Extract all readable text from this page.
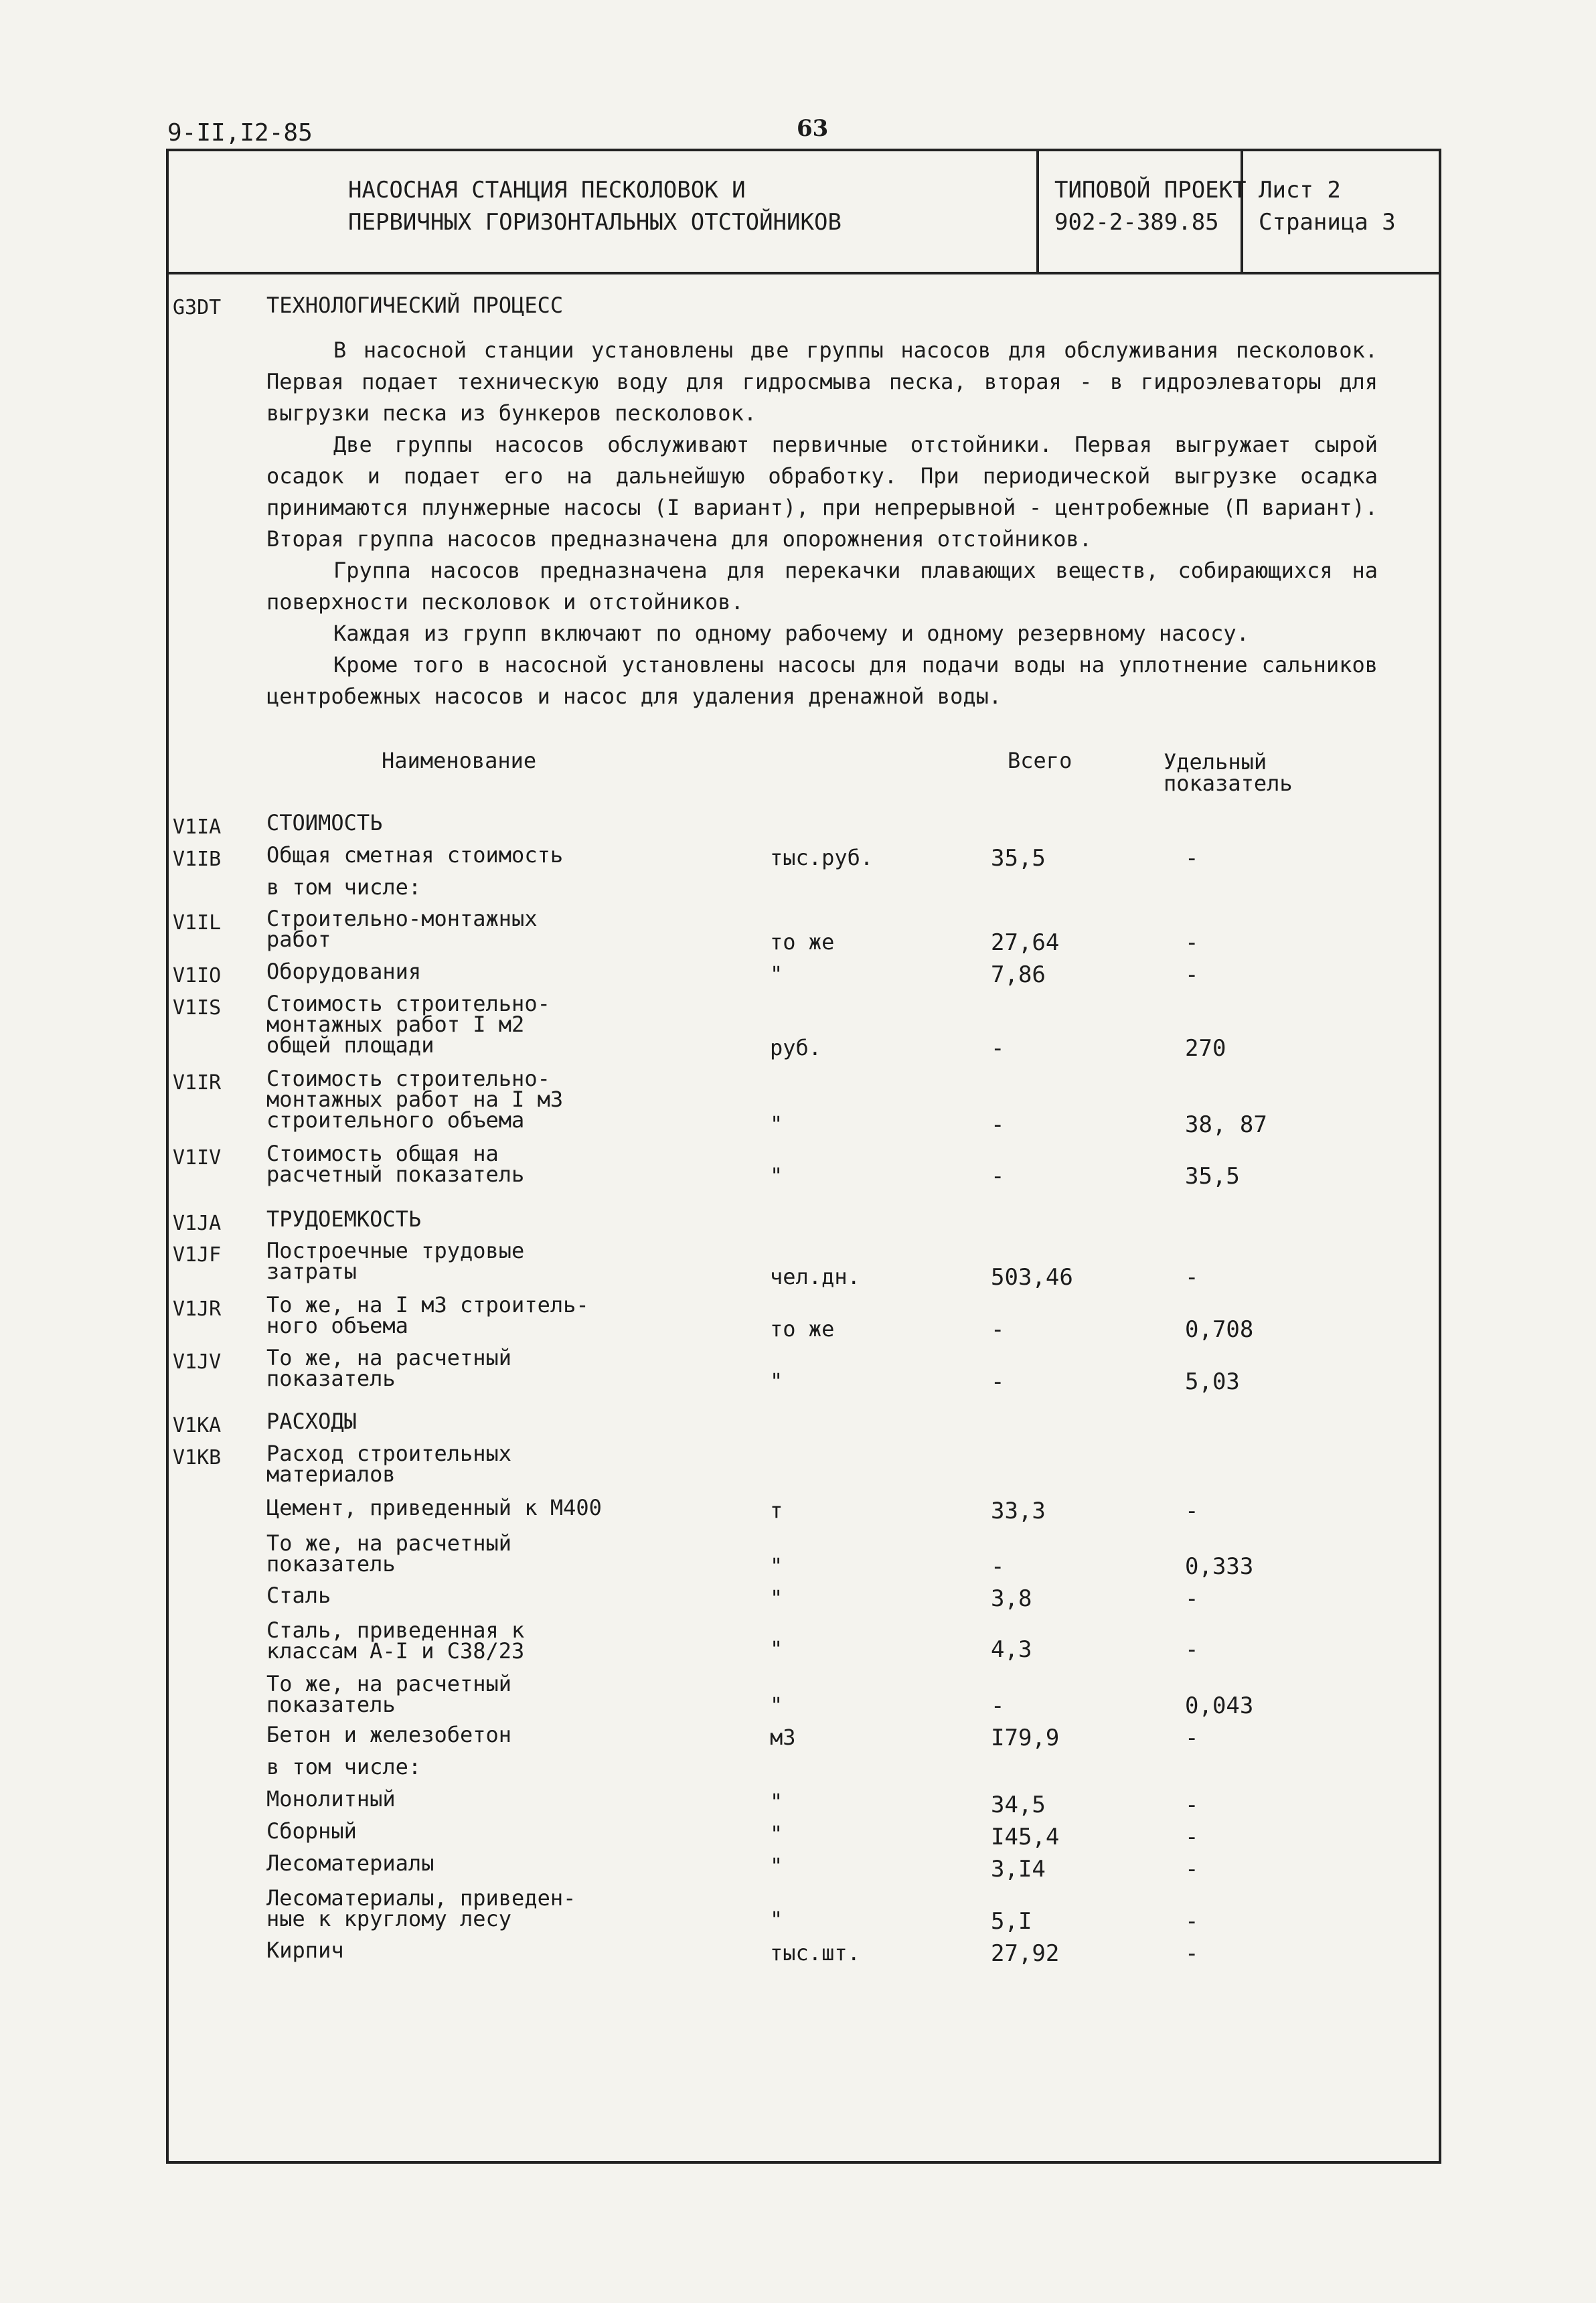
9-II,I2-85	63
НАСОСНАЯ СТАНЦИЯ ПЕСКОЛОВОК И
ПЕРВИЧНЫХ ГОРИЗОНТАЛЬНЫХ ОТСТОЙНИКОВ
ТИПОВОЙ ПРОЕКТ
902-2-389.85
Лист 2
Страница 3
G3DT ТЕХНОЛОГИЧЕСКИЙ ПРОЦЕСС

В насосной станции установлены две группы насосов для обслуживания песколовок. Первая подает техническую воду для гидросмыва песка, вторая - в гидроэлеваторы для выгрузки песка из бункеров песколовок.

Две группы насосов обслуживают первичные отстойники. Первая выгружает сырой осадок и подает его на дальнейшую обработку. При периодической выгрузке осадка принимаются плунжерные насосы (I вариант), при непрерывной - центробежные (П вариант). Вторая группа насосов предназначена для опорожнения отстойников.

Группа насосов предназначена для перекачки плавающих веществ, собирающихся на поверхности песколовок и отстойников.

Каждая из групп включают по одному рабочему и одному резервному насосу.

Кроме того в насосной установлены насосы для подачи воды на уплотнение сальников центробежных насосов и насос для удаления дренажной воды.

Наименование	Всего	Удельный
показатель
V1IA СТОИМОСТЬ
V1IB Общая сметная стоимость	тыс.руб.	35,5	-
в том числе:
V1IL Строительно-монтажных
работ	то же	27,64	-
V1IO Оборудования	"	7,86	-
V1IS Стоимость строительно-
монтажных работ I м2
общей площади	руб.	-	270
V1IR Стоимость строительно-
монтажных работ на I м3
строительного объема	"	-	38, 87
V1IV Стоимость общая на
расчетный показатель	"	-	35,5
V1JA ТРУДОЕМКОСТЬ
V1JF Построечные трудовые
затраты	чел.дн.	503,46	-
V1JR То же, на I м3 строитель-
ного объема	то же	-	0,708
V1JV То же, на расчетный
показатель	"	-	5,03
V1KA РАСХОДЫ
V1KB Расход строительных
материалов
Цемент, приведенный к М400	т	33,3	-
То же, на расчетный
показатель	"	-	0,333
Сталь	"	3,8	-
Сталь, приведенная к
классам А-I и С38/23	"	4,3	-
То же, на расчетный
показатель	"	-	0,043
Бетон и железобетон	м3	I79,9	-
в том числе:
Монолитный	"	34,5	-
Сборный	"	I45,4	-
Лесоматериалы	"	3,I4	-
Лесоматериалы, приведен-
ные к круглому лесу	"	5,I	-
Кирпич	тыс.шт.	27,92	-
